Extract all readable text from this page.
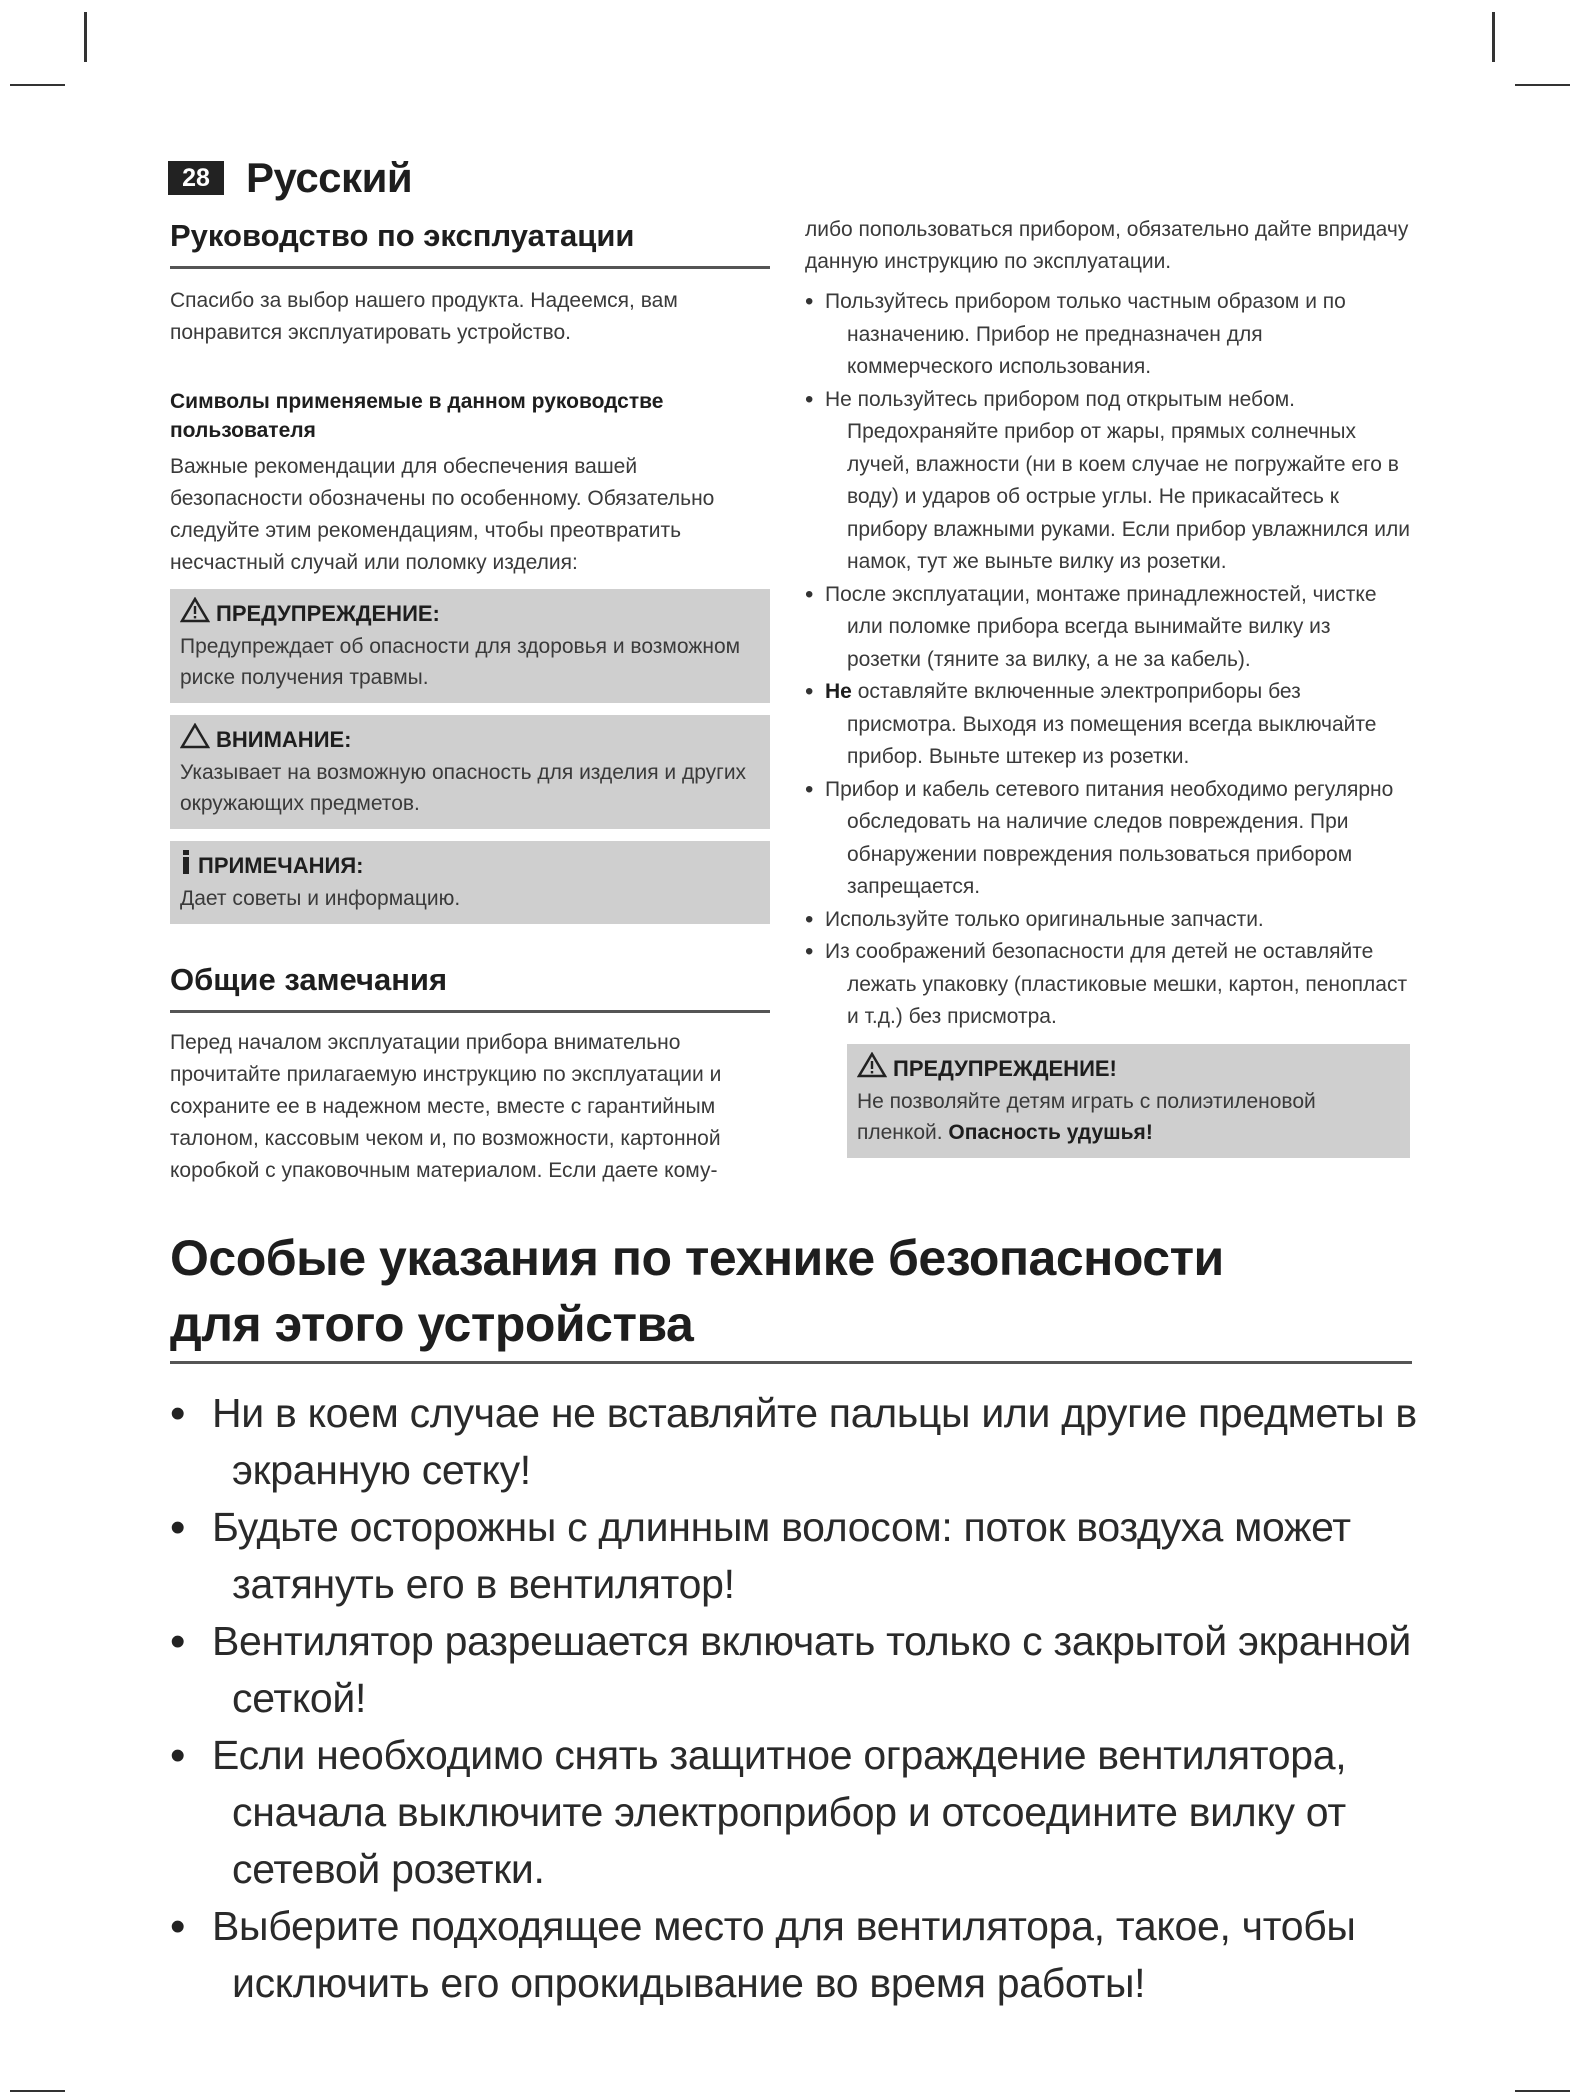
28 Русский
Руководство по эксплуатации

Спасибо за выбор нашего продукта. Надеемся, вам понравится эксплуатировать устройство.

Символы применяемые в данном руководстве пользователя

Важные рекомендации для обеспечения вашей безопасности обозначены по особенному. Обязательно следуйте этим рекомендациям, чтобы преотвратить несчастный случай или поломку изделия:

ПРЕДУПРЕЖДЕНИЕ:
Предупреждает об опасности для здоровья и возможном риске получения травмы.
ВНИМАНИЕ:
Указывает на возможную опасность для изделия и других окружающих предметов.
ПРИМЕЧАНИЯ:
Дает советы и информацию.
Общие замечания

Перед началом эксплуатации прибора внимательно прочитайте прилагаемую инструкцию по эксплуатации и сохраните ее в надежном месте, вместе с гарантийным талоном, кассовым чеком и, по возможности, картонной коробкой с упаковочным материалом. Если даете кому-

либо попользоваться прибором, обязательно дайте впридачу данную инструкцию по эксплуатации.

• Пользуйтесь прибором только частным образом и по назначению. Прибор не предназначен для коммерческого использования.
• Не пользуйтесь прибором под открытым небом. Предохраняйте прибор от жары, прямых солнечных лучей, влажности (ни в коем случае не погружайте его в воду) и ударов об острые углы. Не прикасайтесь к прибору влажными руками. Если прибор увлажнился или намок, тут же выньте вилку из розетки.
• После эксплуатации, монтаже принадлежностей, чистке или поломке прибора всегда вынимайте вилку из розетки (тяните за вилку, а не за кабель).
• Не оставляйте включенные электроприборы без присмотра. Выходя из помещения всегда выключайте прибор. Выньте штекер из розетки.
• Прибор и кабель сетевого питания необходимо регулярно обследовать на наличие следов повреждения. При обнаружении повреждения пользоваться прибором запрещается.
• Используйте только оригинальные запчасти.
• Из соображений безопасности для детей не оставляйте лежать упаковку (пластиковые мешки, картон, пенопласт и т.д.) без присмотра.
ПРЕДУПРЕЖДЕНИЕ!
Не позволяйте детям играть с полиэтиленовой пленкой. Опасность удушья!
Особые указания по технике безопасности
для этого устройства
• Ни в коем случае не вставляйте пальцы или другие предметы в экранную сетку!
• Будьте осторожны с длинным волосом: поток воздуха может затянуть его в вентилятор!
• Вентилятор разрешается включать только с закрытой экранной сеткой!
• Если необходимо снять защитное ограждение вентилятора, сначала выключите электроприбор и отсоедините вилку от сетевой розетки.
• Выберите подходящее место для вентилятора, такое, чтобы исключить его опрокидывание во время работы!
